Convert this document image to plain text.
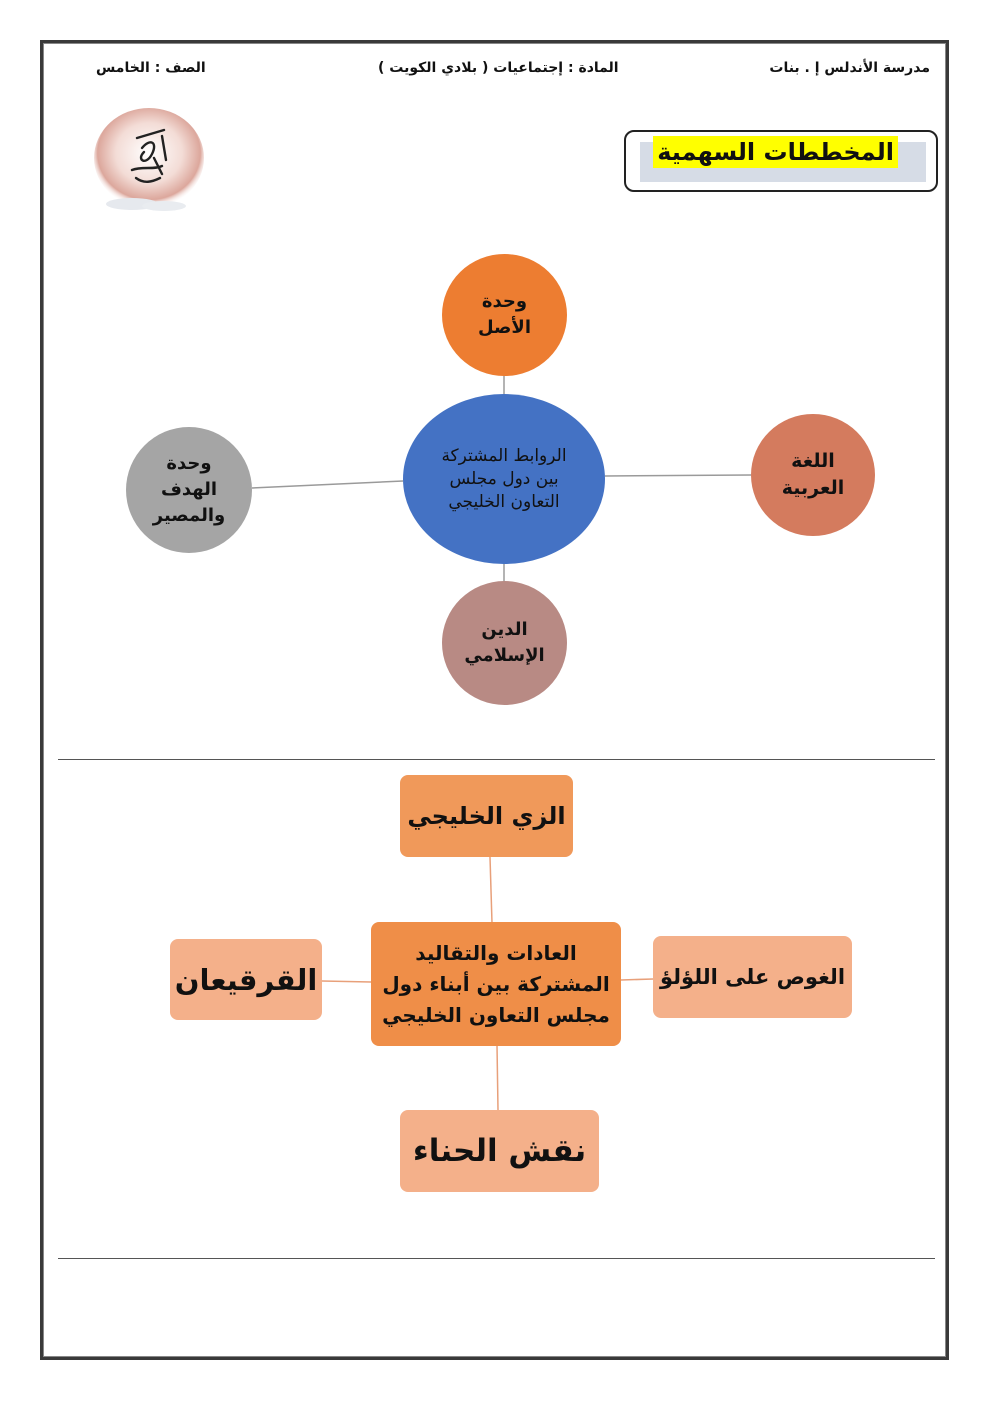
مدرسة الأندلس إ . بنات
المادة : إجتماعيات ( بلادي الكويت )
الصف : الخامس
المخططات السهمية
وحدة الأصل
الروابط المشتركة بين دول مجلس التعاون الخليجي
اللغة العربية
وحدة الهدف والمصير
الدين الإسلامي
الزي الخليجي
العادات والتقاليد المشتركة بين أبناء دول مجلس التعاون الخليجي
الغوص على اللؤلؤ
القرقيعان
نقش الحناء
